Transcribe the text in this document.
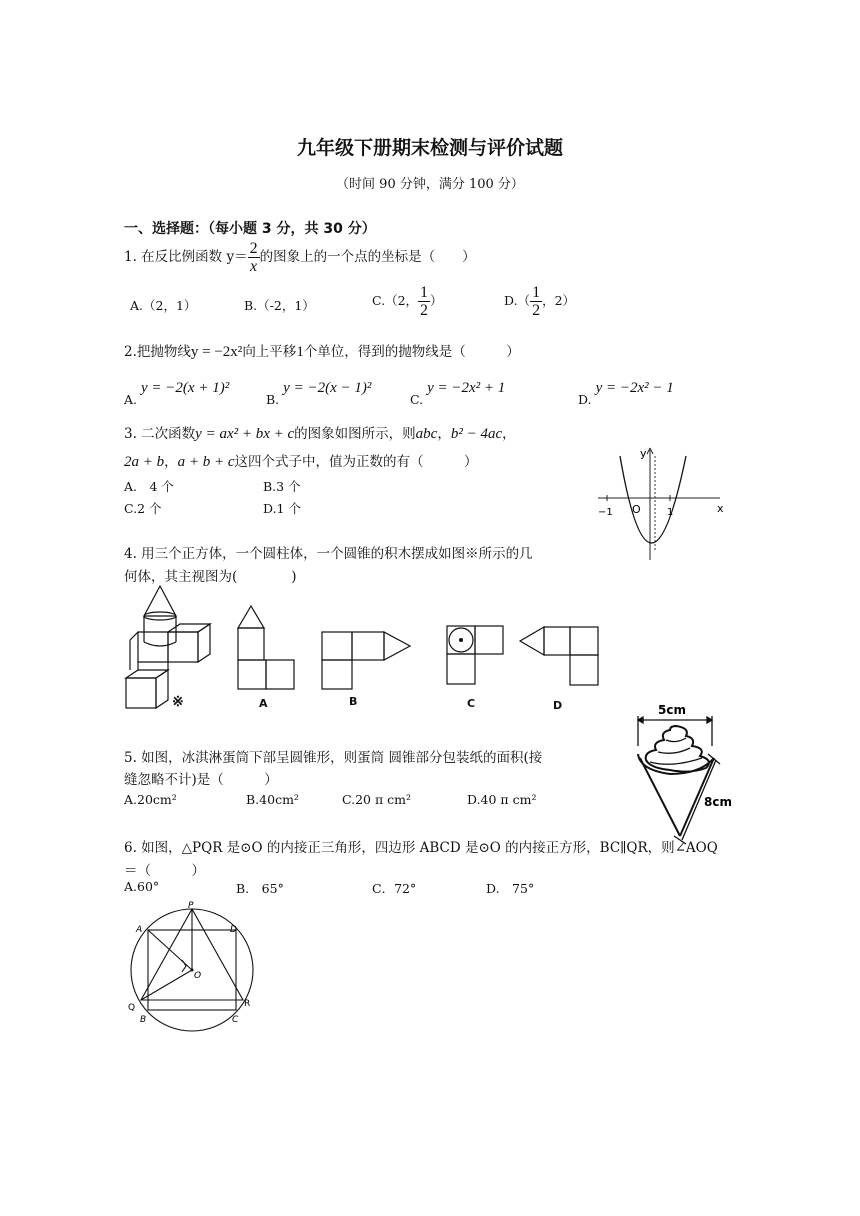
九年级下册期末检测与评价试题
（时间 90 分钟，满分 100 分）
一、选择题：（每小题 3 分，共 30 分）
1. 在反比例函数 $y= \frac{2}{x}$ 的图象上的一个点的坐标是（　　）
A.（2，1）	B.（-2，1）	C.（2， $\frac{1}{2}$ ）	$D.( \frac{1}{2}$ ，2）
2.把抛物线y = −2x²向上平移1个单位，得到的抛物线是（　　　）
A.y = −2(x + 1)²
B.y = −2(x − 1)²
C.y = −2x² + 1
D.y = −2x² − 1
3. 二次函数y = ax² + bx + c的图象如图所示，则abc，b² − 4ac，
2a + b，a + b + c这四个式子中，值为正数的有（　　　）
A.　4 个	B.3 个
C.2 个	D.1 个
y
x
O
−1	1
4. 用三个正方体，一个圆柱体，一个圆锥的积木摆成如图※所示的几
何体，其主视图为(　　　　)
※	A	B	C	D
5. 如图，冰淇淋蛋筒下部呈圆锥形，则蛋筒 圆锥部分包装纸的面积(接
缝忽略不计)是（　　　）
A.20cm²	B.40cm²	C.20 π cm²	D.40 π cm²
5cm
8cm
6. 如图，△PQR 是⊙O 的内接正三角形，四边形 ABCD 是⊙O 的内接正方形，BC∥QR，则∠AOQ
＝（　　　）
A.60°	B.　65°	C．72°	D.　75°
P
D
A
O
Q	R
B	C
